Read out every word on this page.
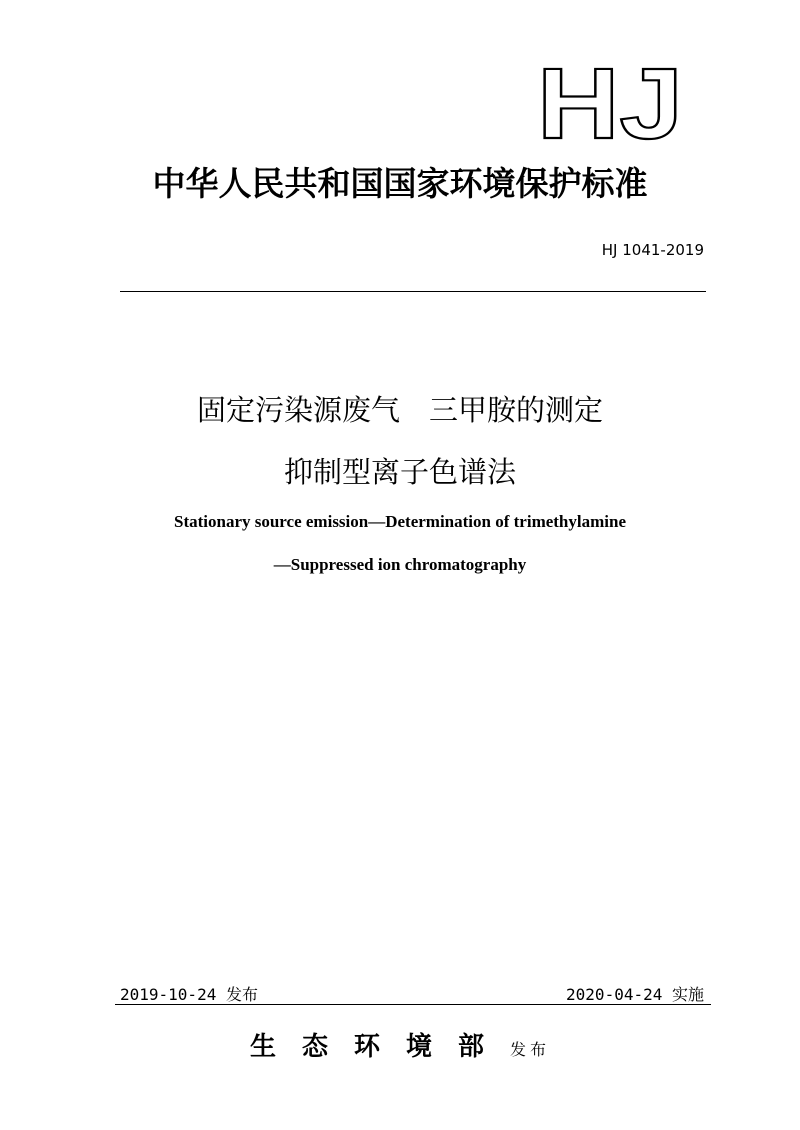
HJ
中华人民共和国国家环境保护标准
HJ 1041-2019
固定污染源废气　三甲胺的测定
抑制型离子色谱法
Stationary source emission—Determination of trimethylamine
—Suppressed ion chromatography
2019-10-24 发布	2020-04-24 实施
生态环境部发布
